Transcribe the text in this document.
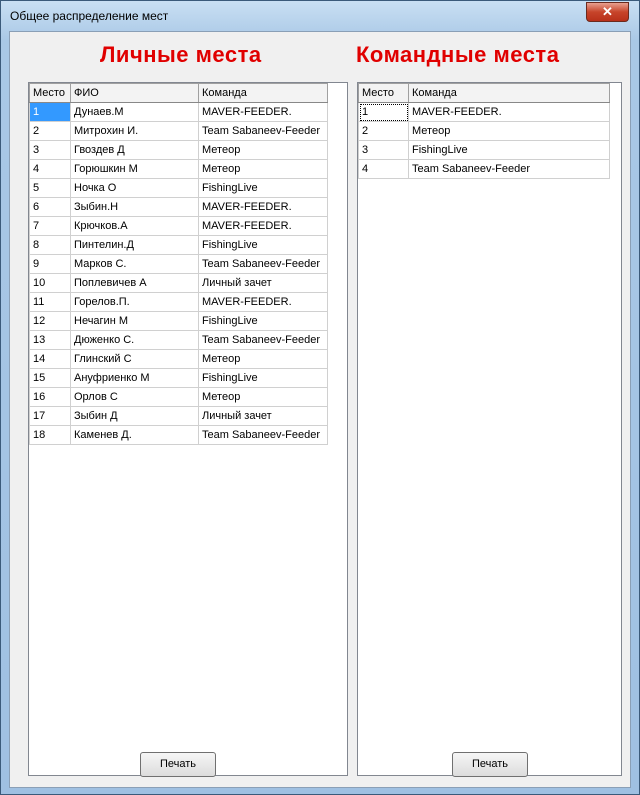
Общее распределение мест	✕
Личные места	Командные места
Место	ФИО	Команда
1	Дунаев.М	MAVER-FEEDER.
2	Митрохин И.	Team Sabaneev-Feeder
3	Гвоздев Д	Метеор
4	Горюшкин М	Метеор
5	Ночка О	FishingLive
6	Зыбин.Н	MAVER-FEEDER.
7	Крючков.А	MAVER-FEEDER.
8	Пинтелин.Д	FishingLive
9	Марков С.	Team Sabaneev-Feeder
10	Поплевичев А	Личный зачет
11	Горелов.П.	MAVER-FEEDER.
12	Нечагин М	FishingLive
13	Дюженко С.	Team Sabaneev-Feeder
14	Глинский С	Метеор
15	Ануфриенко М	FishingLive
16	Орлов С	Метеор
17	Зыбин Д	Личный зачет
18	Каменев Д.	Team Sabaneev-Feeder
Место	Команда
1	MAVER-FEEDER.
2	Метеор
3	FishingLive
4	Team Sabaneev-Feeder
Печать	Печать
